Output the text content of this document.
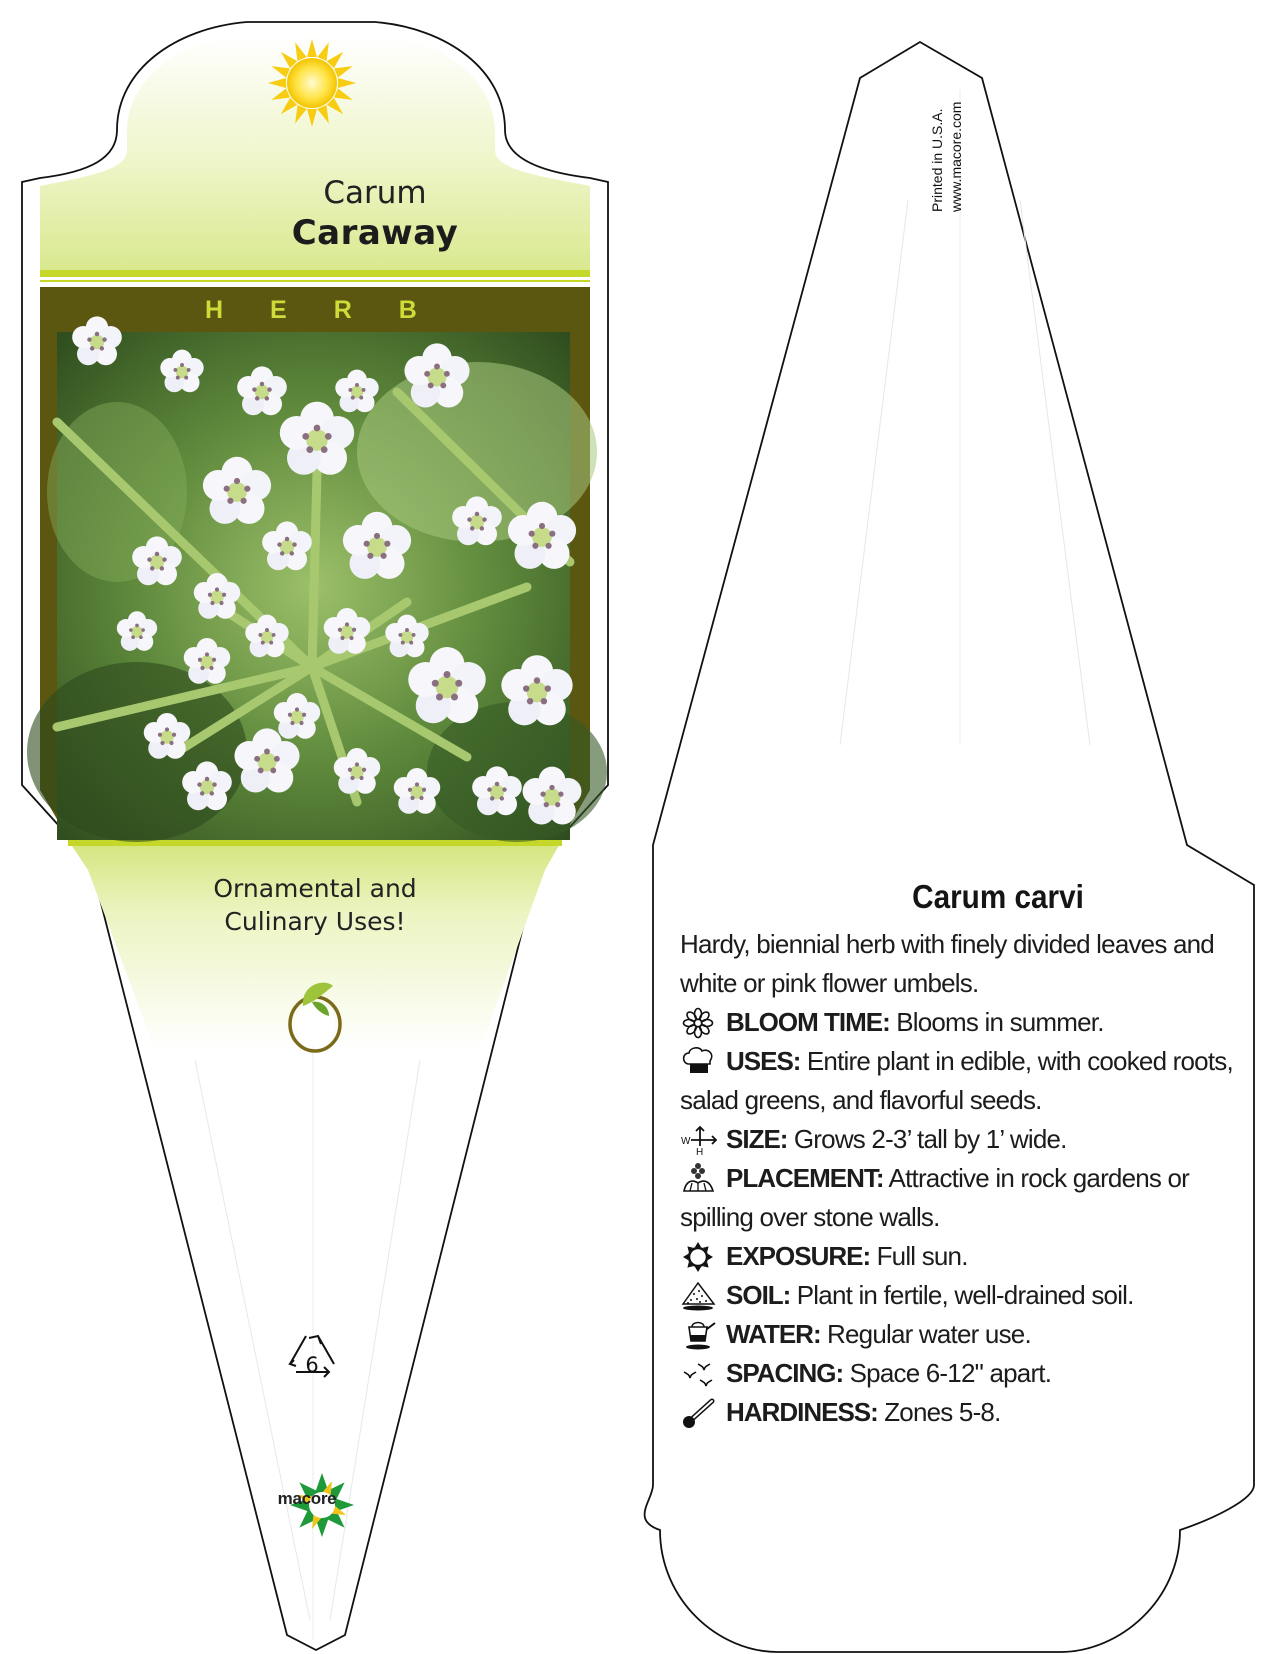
Carum
Caraway
HERB
Ornamental and
Culinary Uses!
6
macore
Printed in U.S.A. www.macore.com
Carum carvi

Hardy, biennial herb with finely divided leaves and white or pink flower umbels.

BLOOM TIME: Blooms in summer.

USES: Entire plant in edible, with cooked roots, salad greens, and flavorful seeds.

W
H SIZE: Grows 2-3’ tall by 1’ wide.

PLACEMENT: Attractive in rock gardens or spilling over stone walls.

EXPOSURE: Full sun.

SOIL: Plant in fertile, well-drained soil.

WATER: Regular water use.

SPACING: Space 6-12" apart.

HARDINESS: Zones 5-8.
